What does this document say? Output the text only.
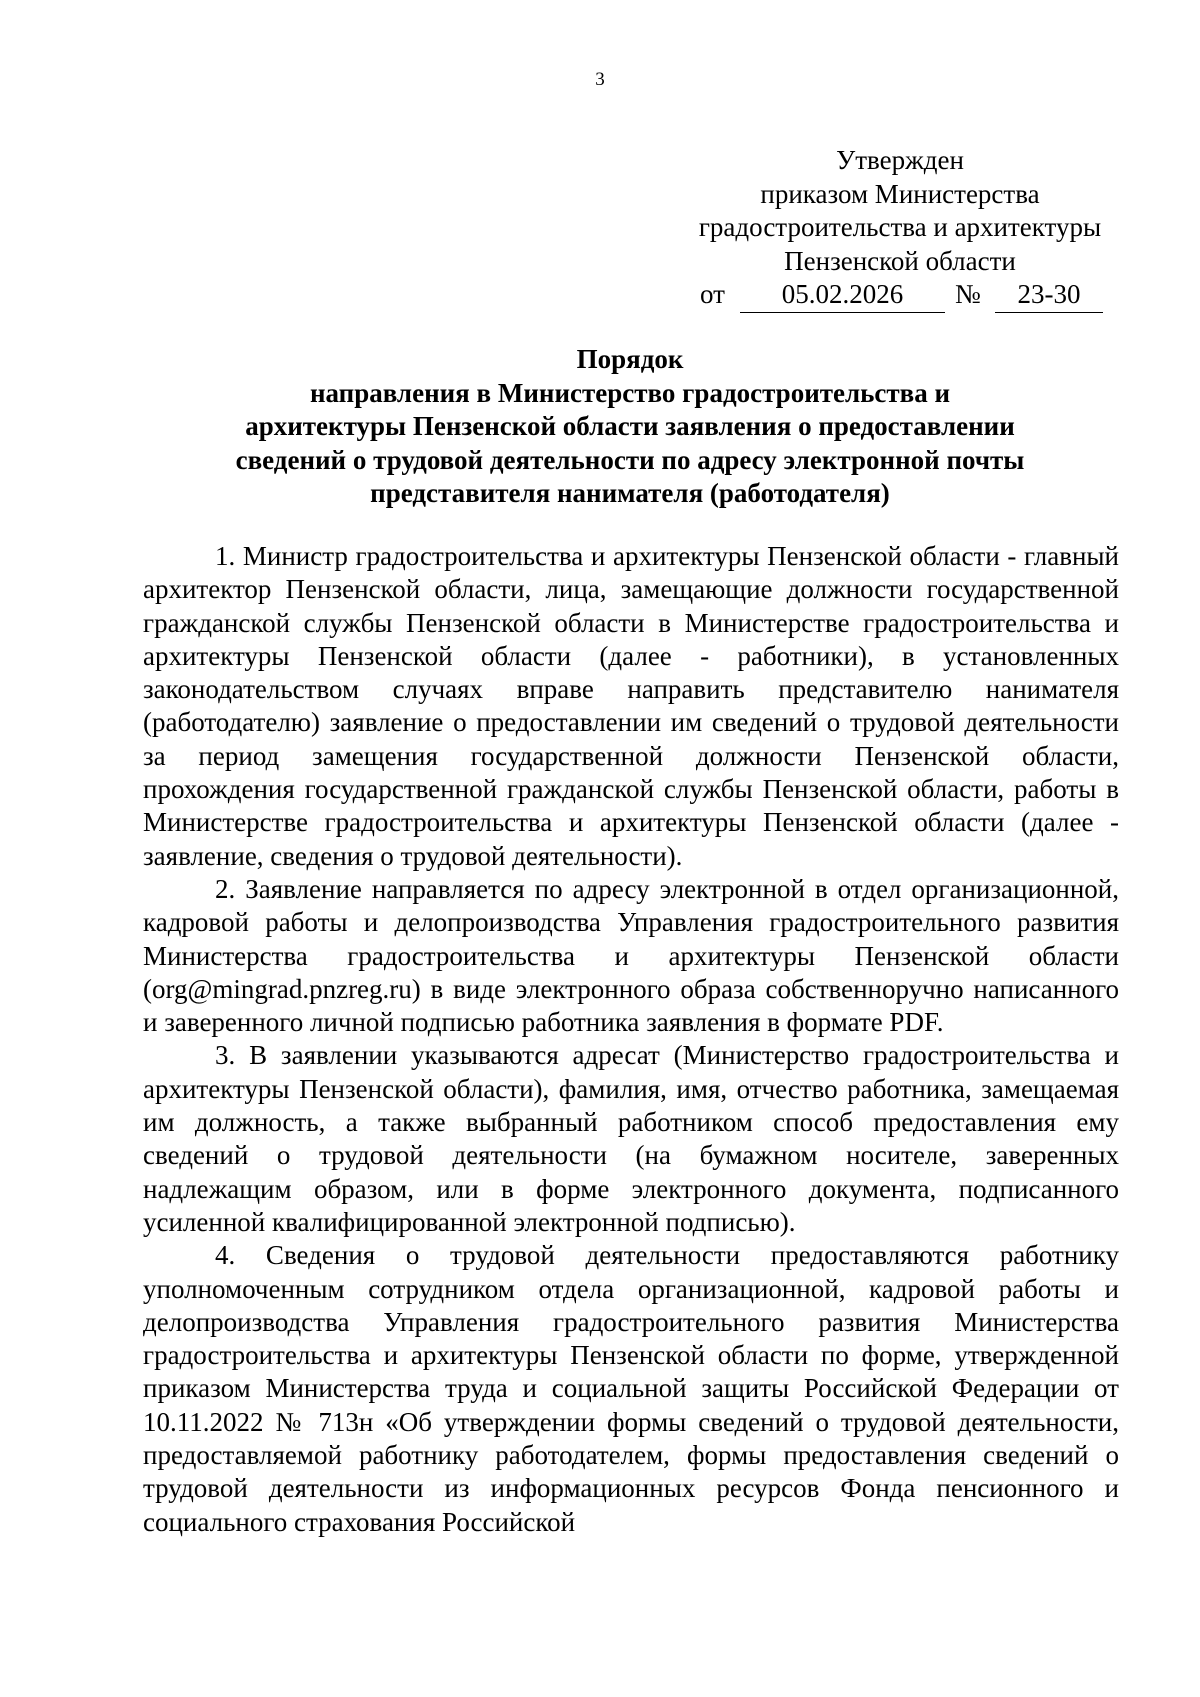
3
Утвержден
приказом Министерства
градостроительства и архитектуры
Пензенской области
от	05.02.2026	№	23-30
Порядок
направления в Министерство градостроительства и
архитектуры Пензенской области заявления о предоставлении
сведений о трудовой деятельности по адресу электронной почты
представителя нанимателя (работодателя)

1. Министр градостроительства и архитектуры Пензенской области - главный архитектор Пензенской области, лица, замещающие должности государственной гражданской службы Пензенской области в Министерстве градостроительства и архитектуры Пензенской области (далее - работники), в установленных законодательством случаях вправе направить представителю нанимателя (работодателю) заявление о предоставлении им сведений о трудовой деятельности за период замещения государственной должности Пензенской области, прохождения государственной гражданской службы Пензенской области, работы в Министерстве градостроительства и архитектуры Пензенской области (далее - заявление, сведения о трудовой деятельности).

2. Заявление направляется по адресу электронной в отдел организационной, кадровой работы и делопроизводства Управления градостроительного развития Министерства градостроительства и архитектуры Пензенской области (org@mingrad.pnzreg.ru) в виде электронного образа собственноручно написанного и заверенного личной подписью работника заявления в формате PDF.

3. В заявлении указываются адресат (Министерство градостроительства и архитектуры Пензенской области), фамилия, имя, отчество работника, замещаемая им должность, а также выбранный работником способ предоставления ему сведений о трудовой деятельности (на бумажном носителе, заверенных надлежащим образом, или в форме электронного документа, подписанного усиленной квалифицированной электронной подписью).

4. Сведения о трудовой деятельности предоставляются работнику уполномоченным сотрудником отдела организационной, кадровой работы и делопроизводства Управления градостроительного развития Министерства градостроительства и архитектуры Пензенской области по форме, утвержденной приказом Министерства труда и социальной защиты Российской Федерации от 10.11.2022 № 713н «Об утверждении формы сведений о трудовой деятельности, предоставляемой работнику работодателем, формы предоставления сведений о трудовой деятельности из информационных ресурсов Фонда пенсионного и социального страхования Российской
